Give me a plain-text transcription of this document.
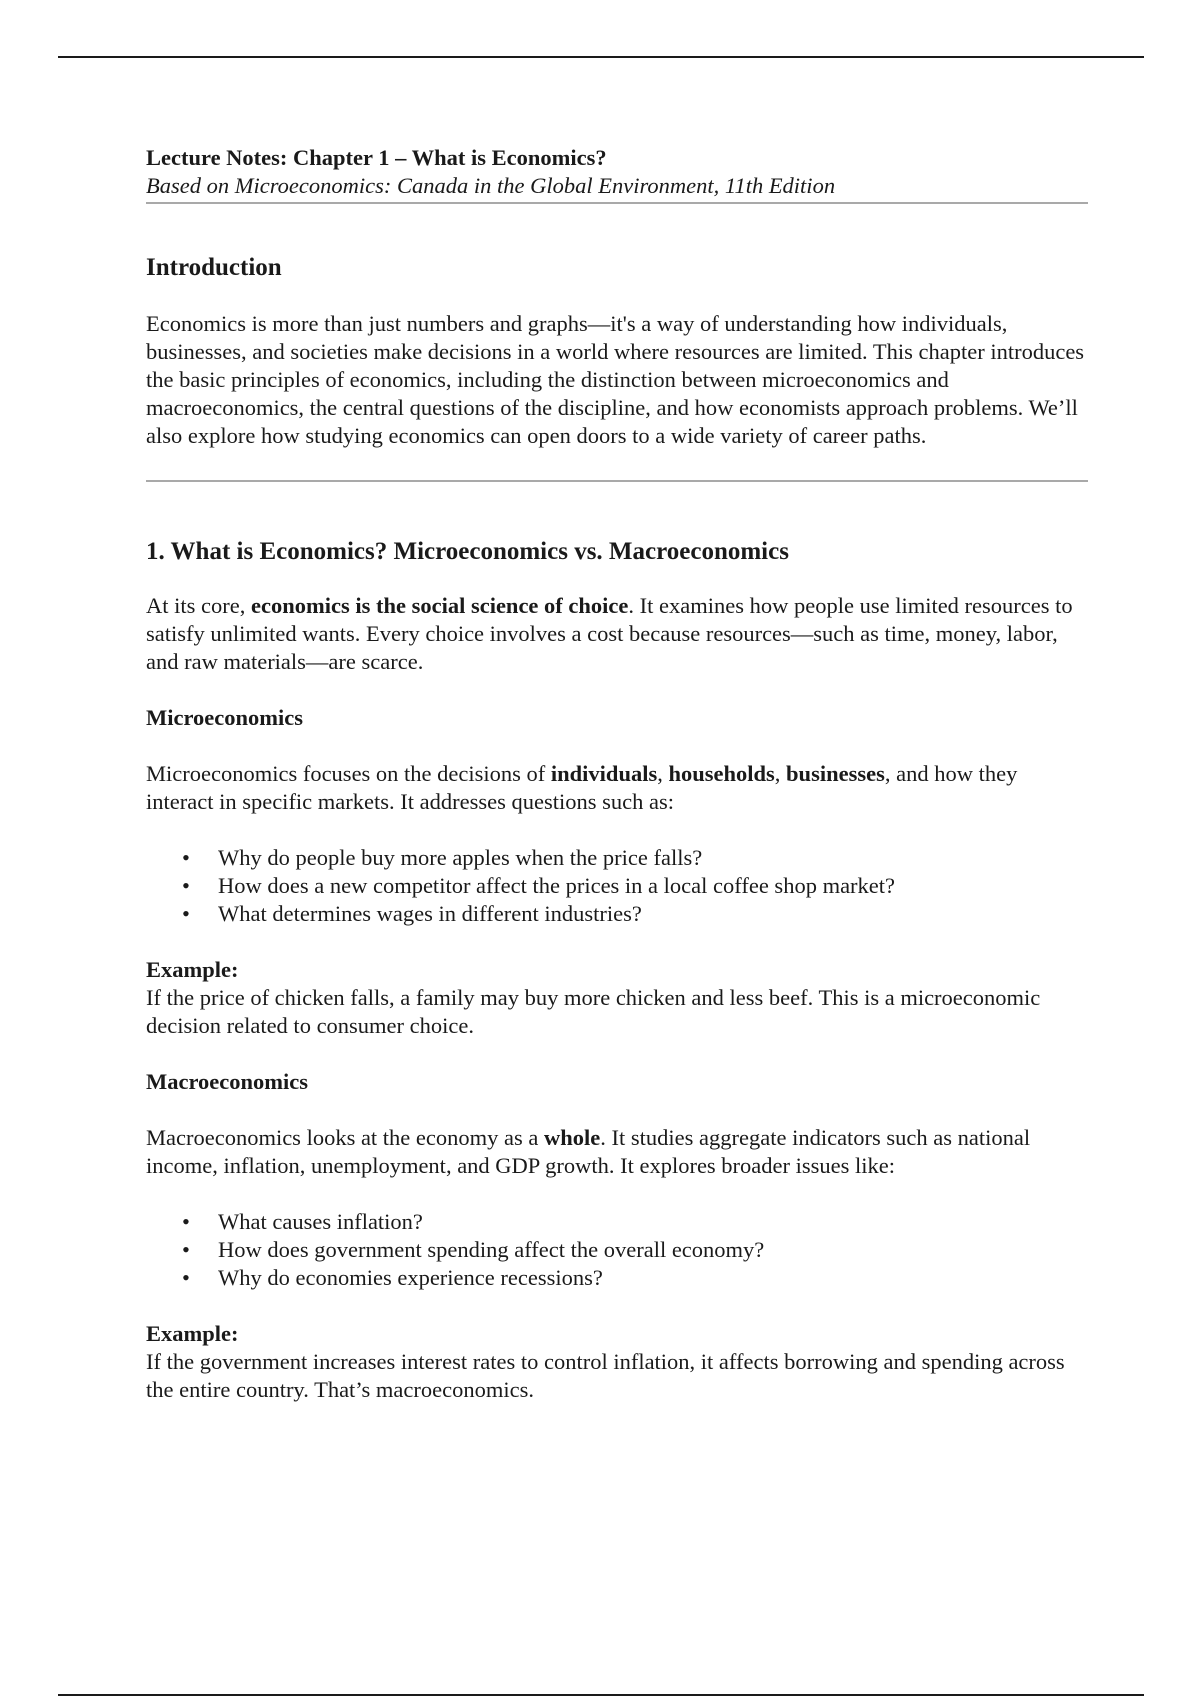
Lecture Notes: Chapter 1 – What is Economics?

Based on Microeconomics: Canada in the Global Environment, 11th Edition

Introduction

Economics is more than just numbers and graphs—it's a way of understanding how individuals, businesses, and societies make decisions in a world where resources are limited. This chapter introduces the basic principles of economics, including the distinction between microeconomics and macroeconomics, the central questions of the discipline, and how economists approach problems. We’ll also explore how studying economics can open doors to a wide variety of career paths.

1. What is Economics? Microeconomics vs. Macroeconomics

At its core, economics is the social science of choice. It examines how people use limited resources to satisfy unlimited wants. Every choice involves a cost because resources—such as time, money, labor, and raw materials—are scarce.

Microeconomics

Microeconomics focuses on the decisions of individuals, households, businesses, and how they interact in specific markets. It addresses questions such as:

• Why do people buy more apples when the price falls?
• How does a new competitor affect the prices in a local coffee shop market?
• What determines wages in different industries?

Example:

If the price of chicken falls, a family may buy more chicken and less beef. This is a microeconomic decision related to consumer choice.

Macroeconomics

Macroeconomics looks at the economy as a whole. It studies aggregate indicators such as national income, inflation, unemployment, and GDP growth. It explores broader issues like:

• What causes inflation?
• How does government spending affect the overall economy?
• Why do economies experience recessions?

Example:

If the government increases interest rates to control inflation, it affects borrowing and spending across the entire country. That’s macroeconomics.
